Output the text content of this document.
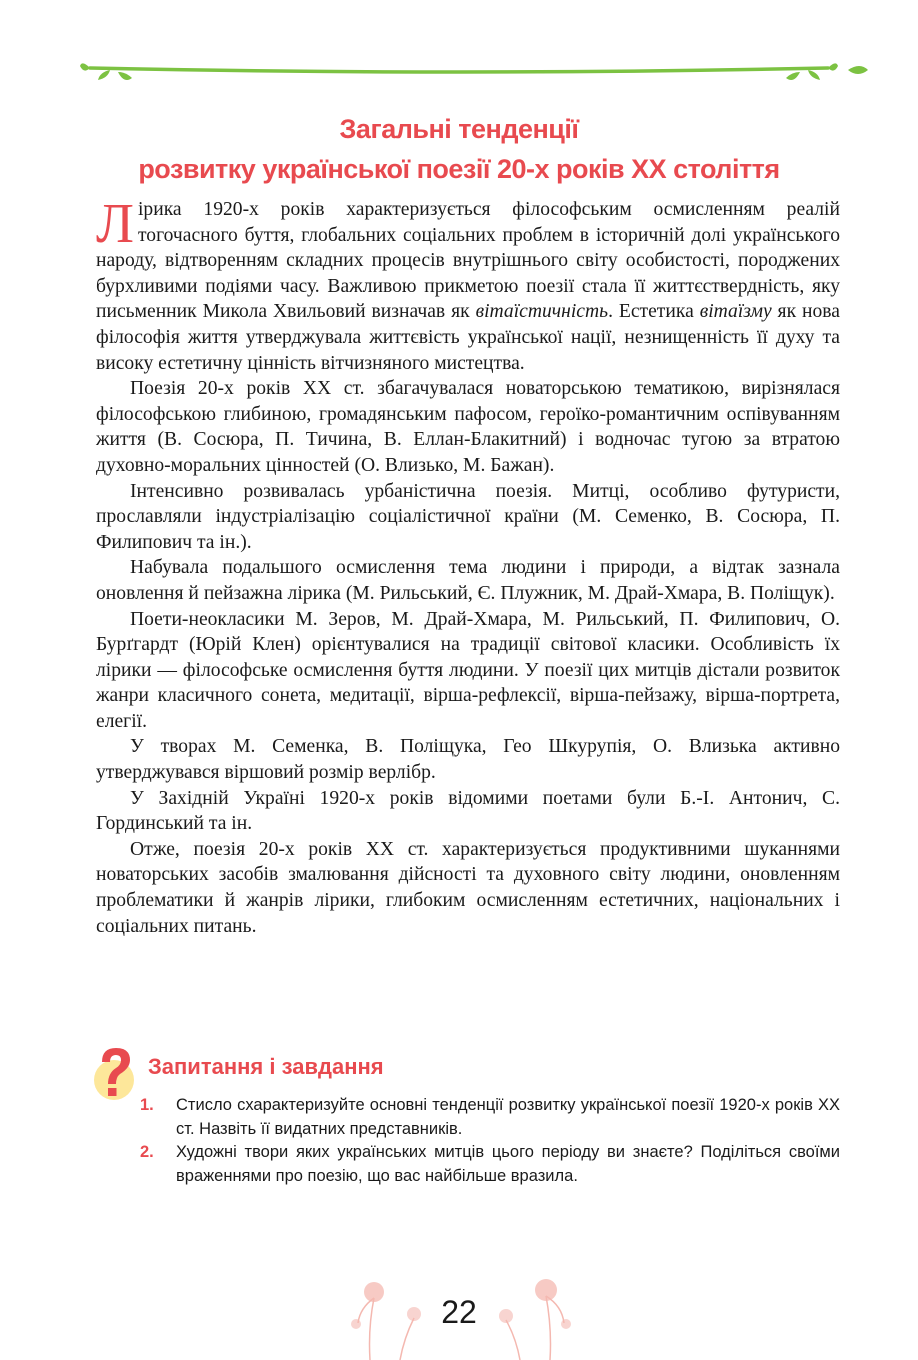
Загальні тенденції
розвитку української поезії 20-х років XX століття

Лірика 1920-х років характеризується філософським осмисленням реалій тогочасного буття, глобальних соціальних проблем в історичній долі українського народу, відтворенням складних процесів внутрішнього світу особистості, породжених бурхливими подіями часу. Важливою прикметою поезії стала її життєствердність, яку письменник Микола Хвильовий визначав як вітаїстичність. Естетика вітаїзму як нова філософія життя утверджувала життєвість української нації, незнищенність її духу та високу естетичну цінність вітчизняного мистецтва.

Поезія 20-х років XX ст. збагачувалася новаторською тематикою, вирізнялася філософською глибиною, громадянським пафосом, героїко-романтичним оспівуванням життя (В. Сосюра, П. Тичина, В. Еллан-Блакитний) і водночас тугою за втратою духовно-моральних цінностей (О. Влизько, М. Бажан).

Інтенсивно розвивалась урбаністична поезія. Митці, особливо футуристи, прославляли індустріалізацію соціалістичної країни (М. Семенко, В. Сосюра, П. Филипович та ін.).

Набувала подальшого осмислення тема людини і природи, а відтак зазнала оновлення й пейзажна лірика (М. Рильський, Є. Плужник, М. Драй-Хмара, В. Поліщук).

Поети-неокласики М. Зеров, М. Драй-Хмара, М. Рильський, П. Филипович, О. Бурґгардт (Юрій Клен) орієнтувалися на традиції світової класики. Особливість їх лірики — філософське осмислення буття людини. У поезії цих митців дістали розвиток жанри класичного сонета, медитації, вірша-рефлексії, вірша-пейзажу, вірша-портрета, елегії.

У творах М. Семенка, В. Поліщука, Гео Шкурупія, О. Влизька активно утверджувався віршовий розмір верлібр.

У Західній Україні 1920-х років відомими поетами були Б.-І. Антонич, С. Гординський та ін.

Отже, поезія 20-х років XX ст. характеризується продуктивними шуканнями новаторських засобів змалювання дійсності та духовного світу людини, оновленням проблематики й жанрів лірики, глибоким осмисленням естетичних, національних і соціальних питань.

Запитання і завдання
1. Стисло схарактеризуйте основні тенденції розвитку української поезії 1920-х років XX ст. Назвіть її видатних представників.
2. Художні твори яких українських митців цього періоду ви знаєте? Поділіться своїми враженнями про поезію, що вас найбільше вразила.
22
